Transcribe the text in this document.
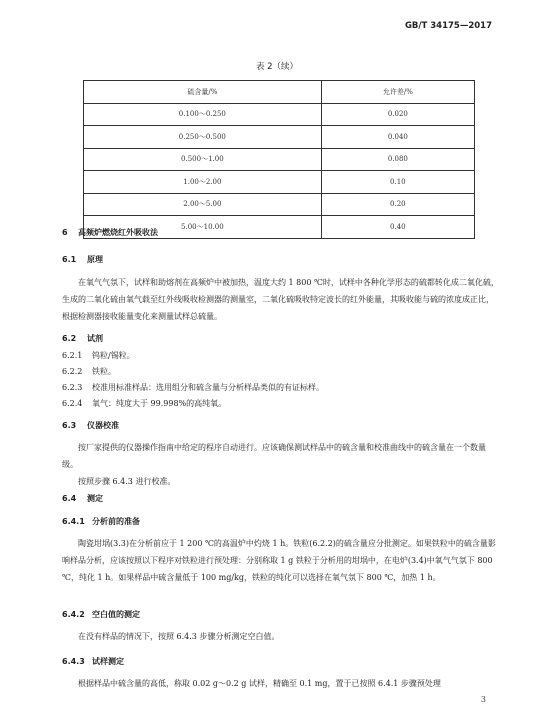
GB/T 34175—2017
表 2（续）
硫含量/%	允许差/%
0.100～0.250	0.020
0.250～0.500	0.040
0.500～1.00	0.080
1.00～2.00	0.10
2.00～5.00	0.20
5.00～10.00	0.40
6 高频炉燃烧红外吸收法
6.1 原理

在氧气气氛下，试样和助熔剂在高频炉中被加热，温度大约 1 800 ℃时，试样中各种化学形态的硫都转化成二氧化硫，生成的二氧化硫由氧气载至红外线吸收检测器的测量室，二氧化硫吸收特定波长的红外能量，其吸收能与硫的浓度成正比，根据检测器接收能量变化来测量试样总硫量。

6.2 试剂
6.2.1 钨粒/锡粒。
6.2.2 铁粒。
6.2.3 校准用标准样品：选用组分和硫含量与分析样品类似的有证标样。
6.2.4 氧气：纯度大于 99.998%的高纯氧。
6.3 仪器校准

按厂家提供的仪器操作指南中给定的程序自动进行。应该确保测试样品中的硫含量和校准曲线中的硫含量在一个数量级。

按照步骤 6.4.3 进行校准。

6.4 测定
6.4.1 分析前的准备

陶瓷坩埚(3.3)在分析前应于 1 200 ℃的高温炉中灼烧 1 h。铁粒(6.2.2)的硫含量应分批测定。如果铁粒中的硫含量影响样品分析，应该按照以下程序对铁粒进行预处理：分别称取 1 g 铁粒于分析用的坩埚中，在电炉(3.4)中氧气气氛下 800 ℃，纯化 1 h。如果样品中硫含量低于 100 mg/kg，铁粒的纯化可以选择在氧气氛下 800 ℃，加热 1 h。

6.4.2 空白值的测定

在没有样品的情况下，按照 6.4.3 步骤分析测定空白值。

6.4.3 试样测定

根据样品中硫含量的高低，称取 0.02 g～0.2 g 试样，精确至 0.1 mg，置于已按照 6.4.1 步骤预处理

3
